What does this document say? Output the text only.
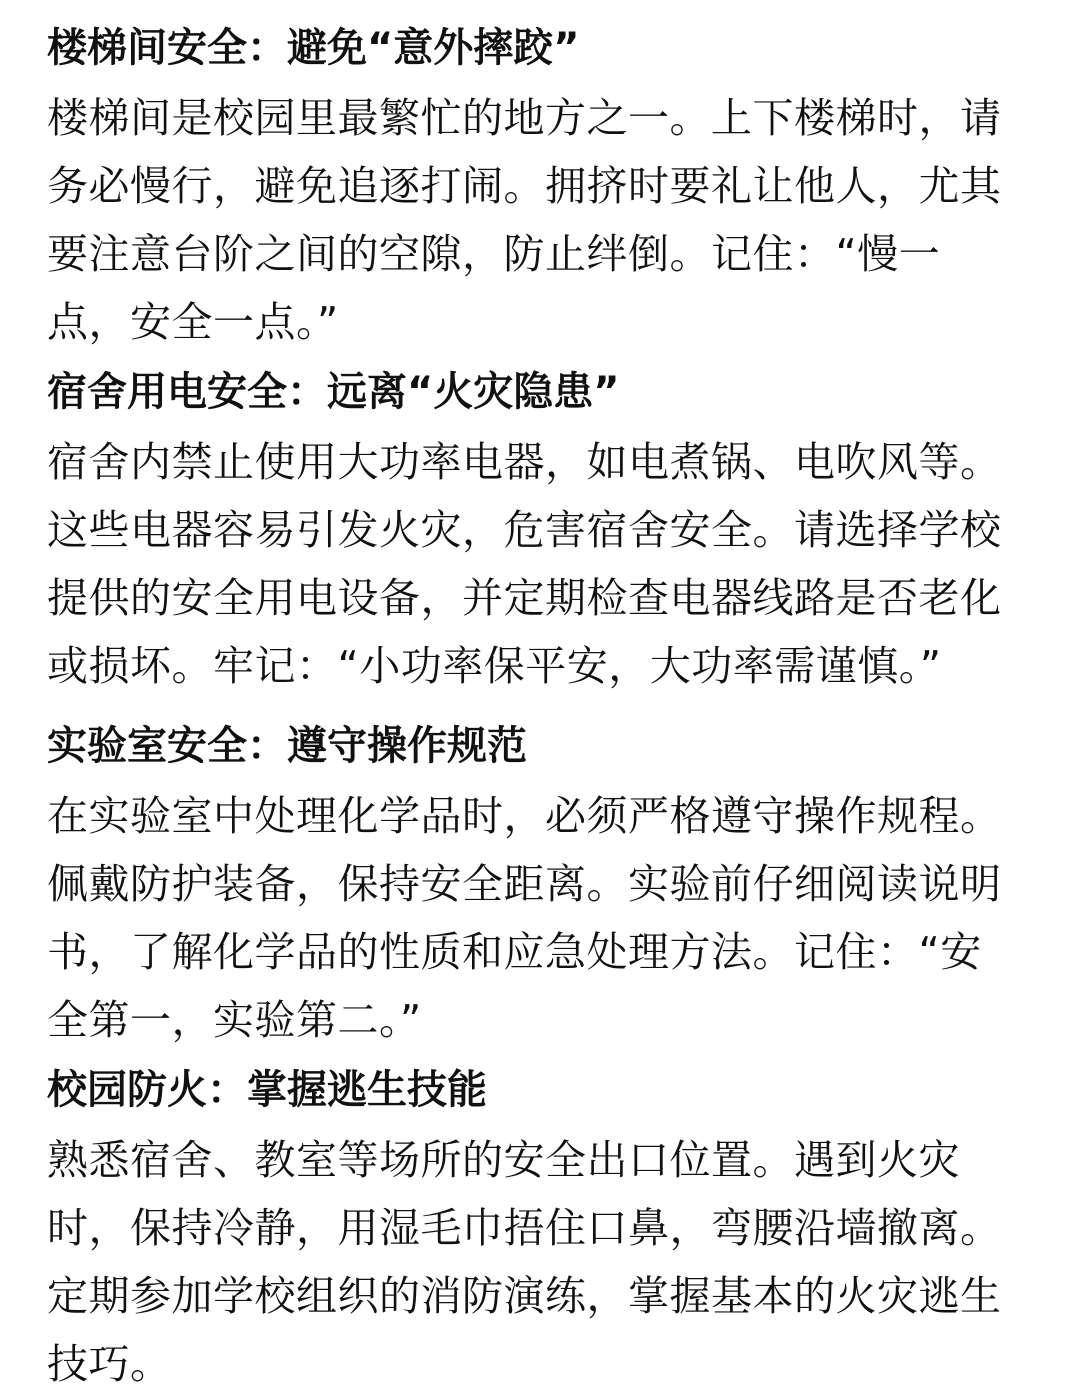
楼梯间安全：避免“意外摔跤”

楼梯间是校园里最繁忙的地方之一。上下楼梯时，请
务必慢行，避免追逐打闹。拥挤时要礼让他人，尤其
要注意台阶之间的空隙，防止绊倒。记住：“慢一
点，安全一点。”

宿舍用电安全：远离“火灾隐患”

宿舍内禁止使用大功率电器，如电煮锅、电吹风等。
这些电器容易引发火灾，危害宿舍安全。请选择学校
提供的安全用电设备，并定期检查电器线路是否老化
或损坏。牢记：“小功率保平安，大功率需谨慎。”

实验室安全：遵守操作规范

在实验室中处理化学品时，必须严格遵守操作规程。
佩戴防护装备，保持安全距离。实验前仔细阅读说明
书，了解化学品的性质和应急处理方法。记住：“安
全第一，实验第二。”

校园防火：掌握逃生技能

熟悉宿舍、教室等场所的安全出口位置。遇到火灾
时，保持冷静，用湿毛巾捂住口鼻，弯腰沿墙撤离。
定期参加学校组织的消防演练，掌握基本的火灾逃生
技巧。
